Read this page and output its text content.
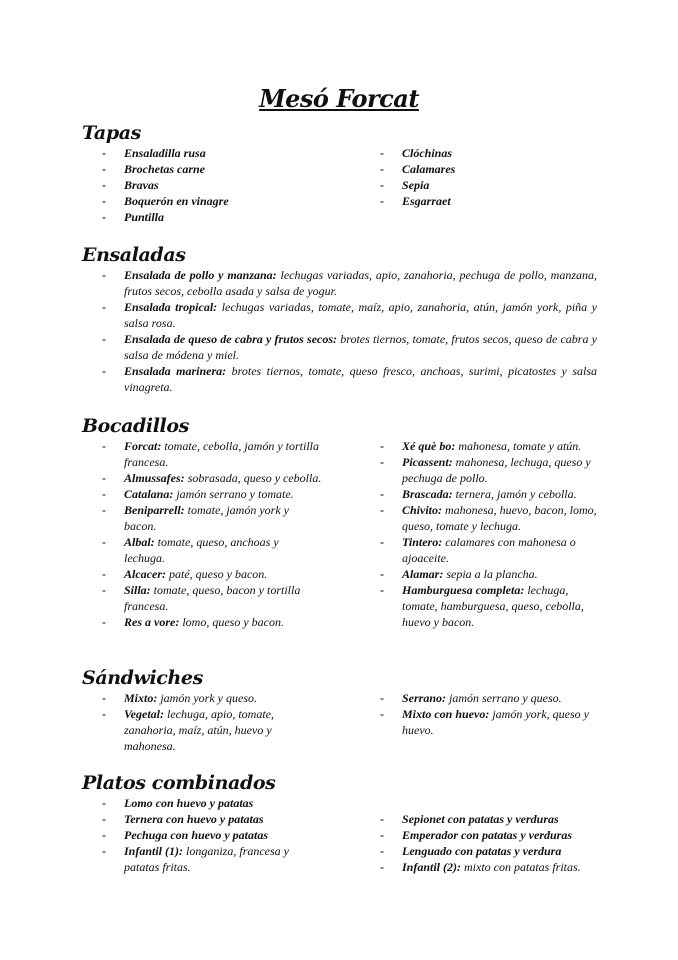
Mesó Forcat
Tapas
- Ensaladilla rusa
- Brochetas carne
- Bravas
- Boquerón en vinagre
- Puntilla
- Clóchinas
- Calamares
- Sepia
- Esgarraet
Ensaladas
- Ensalada de pollo y manzana: lechugas variadas, apio, zanahoria, pechuga de pollo, manzana, frutos secos, cebolla asada y salsa de yogur.
- Ensalada tropical: lechugas variadas, tomate, maíz, apio, zanahoria, atún, jamón york, piña y salsa rosa.
- Ensalada de queso de cabra y frutos secos: brotes tiernos, tomate, frutos secos, queso de cabra y salsa de módena y miel.
- Ensalada marinera: brotes tiernos, tomate, queso fresco, anchoas, surimi, picatostes y salsa vinagreta.
Bocadillos
- Forcat: tomate, cebolla, jamón y tortilla francesa.
- Almussafes: sobrasada, queso y cebolla.
- Catalana: jamón serrano y tomate.
- Beniparrell: tomate, jamón york y bacon.
- Albal: tomate, queso, anchoas y lechuga.
- Alcacer: paté, queso y bacon.
- Silla: tomate, queso, bacon y tortilla francesa.
- Res a vore: lomo, queso y bacon.
- Xé què bo: mahonesa, tomate y atún.
- Picassent: mahonesa, lechuga, queso y pechuga de pollo.
- Brascada: ternera, jamón y cebolla.
- Chivito: mahonesa, huevo, bacon, lomo, queso, tomate y lechuga.
- Tintero: calamares con mahonesa o ajoaceite.
- Alamar: sepia a la plancha.
- Hamburguesa completa: lechuga, tomate, hamburguesa, queso, cebolla, huevo y bacon.
Sándwiches
- Mixto: jamón york y queso.
- Vegetal: lechuga, apio, tomate, zanahoria, maíz, atún, huevo y mahonesa.
- Serrano: jamón serrano y queso.
- Mixto con huevo: jamón york, queso y huevo.
Platos combinados
- Lomo con huevo y patatas
- Ternera con huevo y patatas
- Pechuga con huevo y patatas
- Infantil (1): longaniza, francesa y patatas fritas.
- Sepionet con patatas y verduras
- Emperador con patatas y verduras
- Lenguado con patatas y verdura
- Infantil (2): mixto con patatas fritas.
